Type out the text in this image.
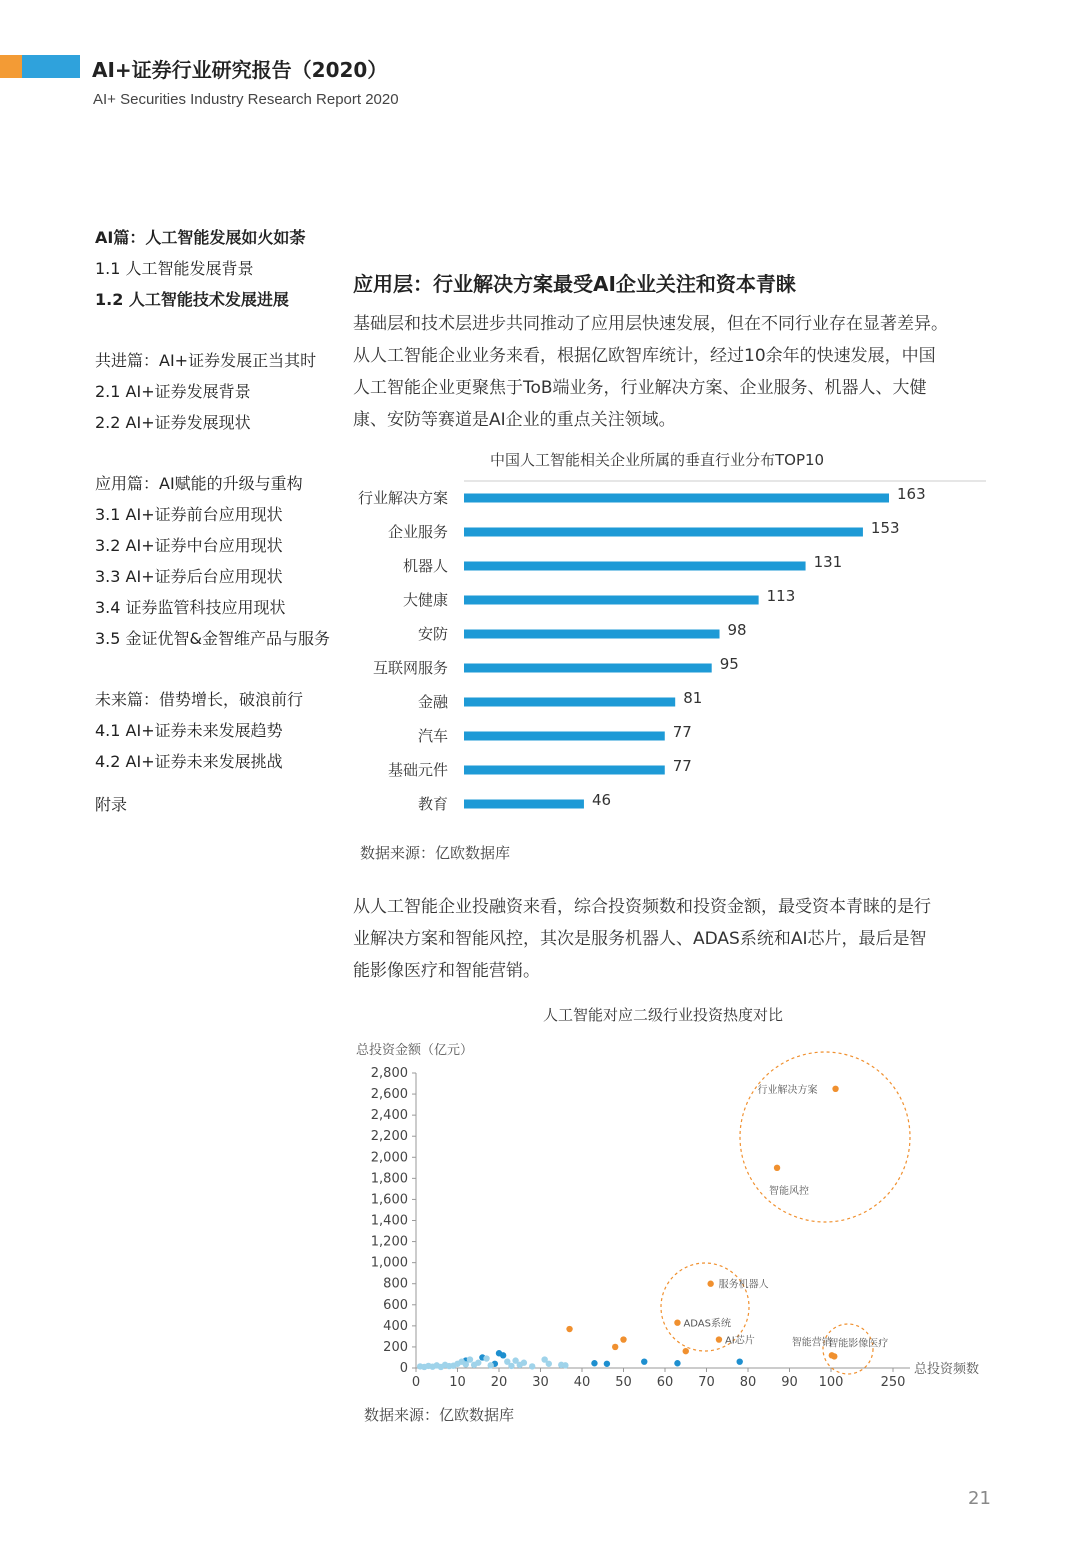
AI+证券行业研究报告（2020）
AI+ Securities Industry Research Report 2020
AI篇：人工智能发展如火如荼
1.1 人工智能发展背景
1.2 人工智能技术发展进展
共进篇：AI+证券发展正当其时
2.1 AI+证券发展背景
2.2 AI+证券发展现状
应用篇：AI赋能的升级与重构
3.1 AI+证券前台应用现状
3.2 AI+证券中台应用现状
3.3 AI+证券后台应用现状
3.4 证券监管科技应用现状
3.5 金证优智&金智维产品与服务
未来篇：借势增长，破浪前行
4.1 AI+证券未来发展趋势
4.2 AI+证券未来发展挑战
附录
应用层：行业解决方案最受AI企业关注和资本青睐
基础层和技术层进步共同推动了应用层快速发展，但在不同行业存在显著差异。
从人工智能企业业务来看，根据亿欧智库统计，经过10余年的快速发展，中国
人工智能企业更聚焦于ToB端业务，行业解决方案、企业服务、机器人、大健
康、安防等赛道是AI企业的重点关注领域。
中国人工智能相关企业所属的垂直行业分布TOP10
行业解决方案	163
企业服务	153
机器人	131
大健康	113
安防	98
互联网服务	95
金融	81
汽车	77
基础元件	77
教育	46
数据来源：亿欧数据库
从人工智能企业投融资来看，综合投资频数和投资金额，最受资本青睐的是行
业解决方案和智能风控，其次是服务机器人、ADAS系统和AI芯片，最后是智
能影像医疗和智能营销。
人工智能对应二级行业投资热度对比
总投资金额（亿元）
总投资频数
0
200
400
600
800
1,000
1,200
1,400
1,600
1,800
2,000
2,200
2,400
2,600
2,800
0 10 20 30 40 50 60 70 80 90 100	250
行业解决方案
智能风控
服务机器人
ADAS系统
AI芯片	智能营销
智能影像医疗
数据来源：亿欧数据库
21
